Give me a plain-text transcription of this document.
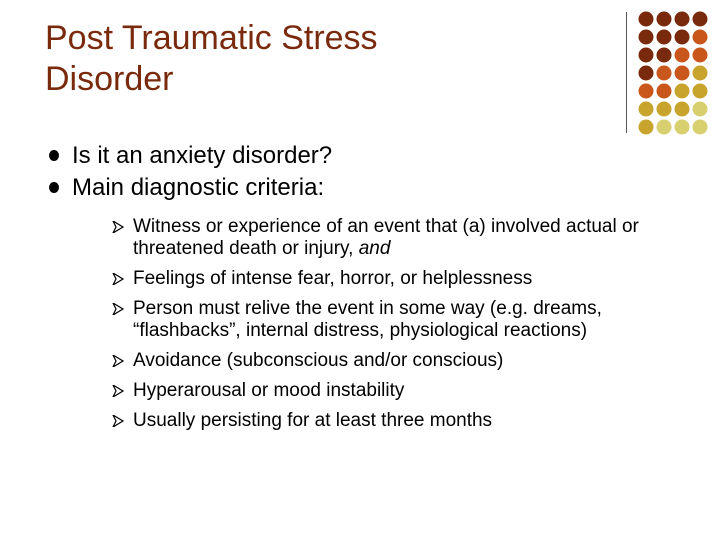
Post Traumatic Stress
Disorder

Is it an anxiety disorder?

Main diagnostic criteria:

Witness or experience of an event that (a) involved actual or threatened death or injury, and

Feelings of intense fear, horror, or helplessness

Person must relive the event in some way (e.g. dreams, “flashbacks”, internal distress, physiological reactions)

Avoidance (subconscious and/or conscious)

Hyperarousal or mood instability

Usually persisting for at least three months
